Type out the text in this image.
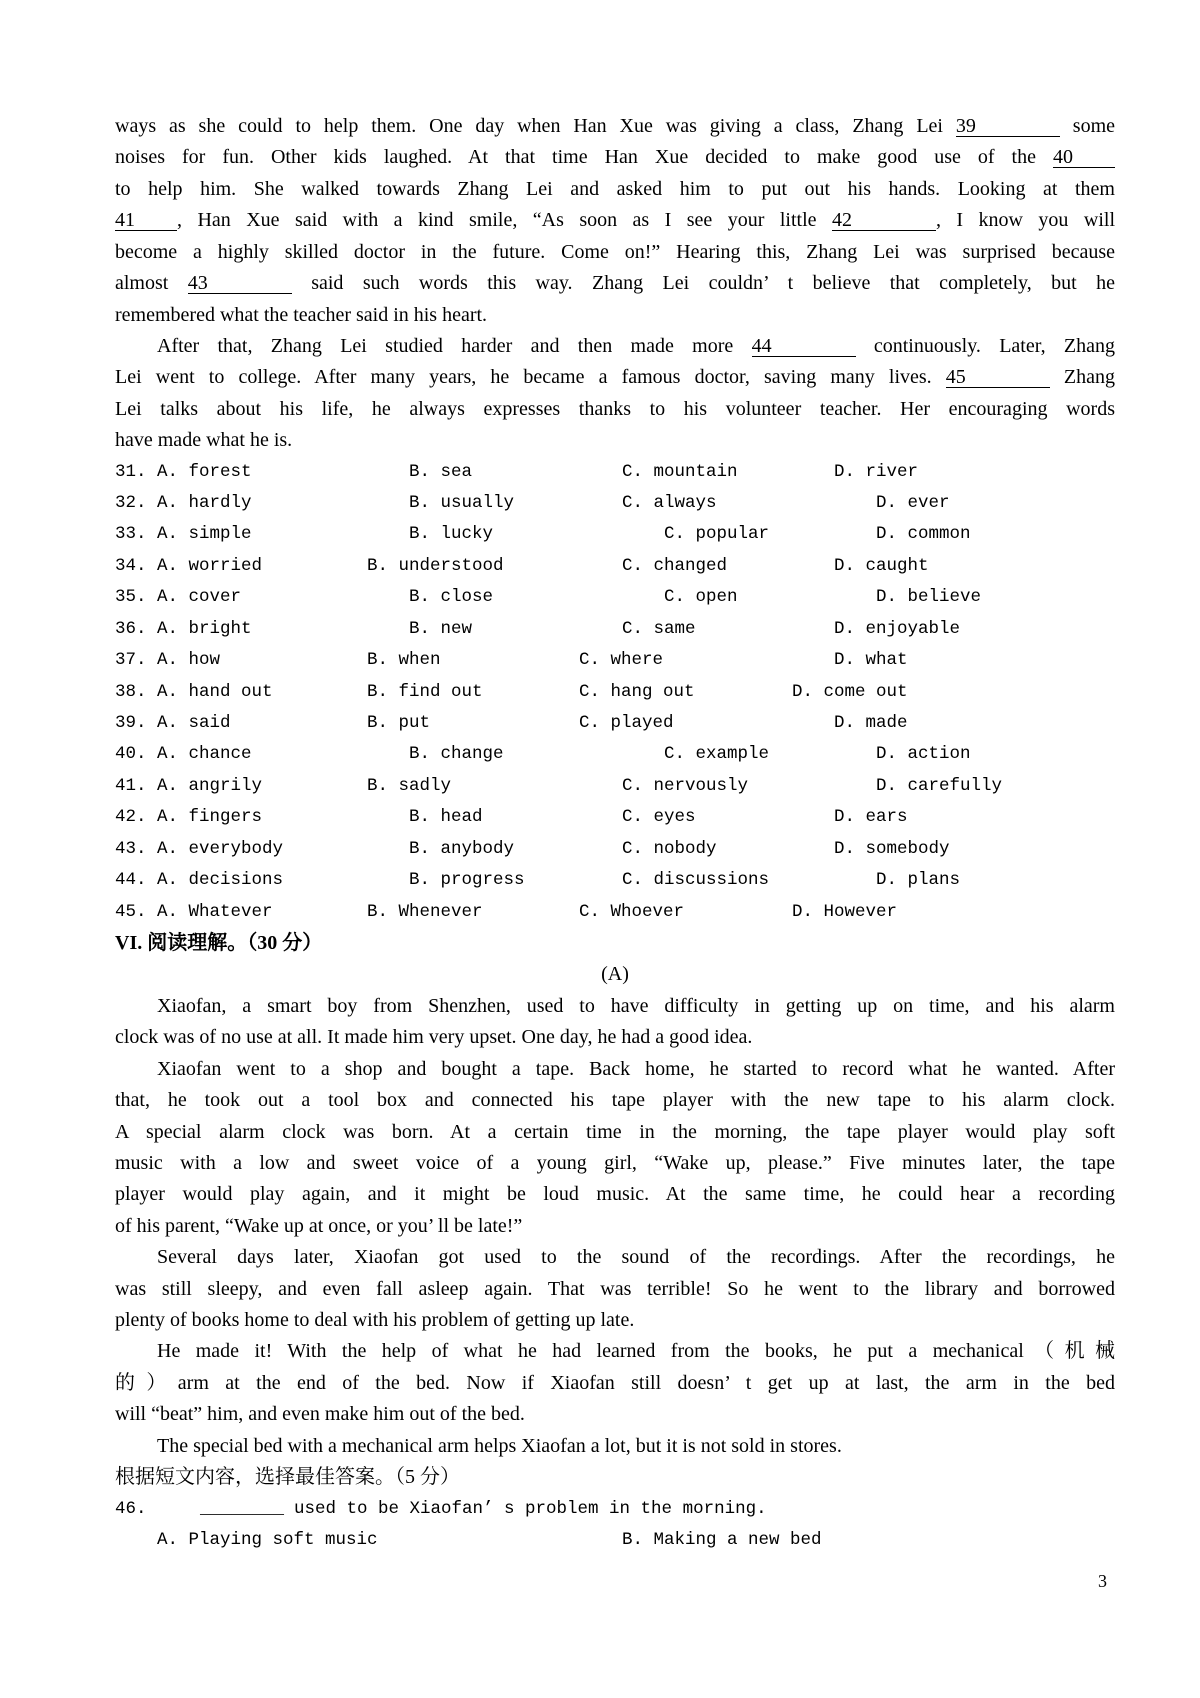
ways as she could to help them. One day when Han Xue was giving a class, Zhang Lei 39	some
noises for fun. Other kids laughed. At that time Han Xue decided to make good use of the 40
to help him. She walked towards Zhang Lei and asked him to put out his hands. Looking at them
41 , Han Xue said with a kind smile, “As soon as I see your little 42	, I know you will
become a highly skilled doctor in the future. Come on!” Hearing this, Zhang Lei was surprised because
almost 43	said such words this way. Zhang Lei couldn’ t believe that completely, but he
remembered what the teacher said in his heart.
After that, Zhang Lei studied harder and then made more 44	continuously. Later, Zhang
Lei went to college. After many years, he became a famous doctor, saving many lives. 45	Zhang
Lei talks about his life, he always expresses thanks to his volunteer teacher. Her encouraging words
have made what he is.
31. A. forest	B. sea	C. mountain	D. river
32. A. hardly	B. usually	C. always	D. ever
33. A. simple	B. lucky	C. popular	D. common
34. A. worried	B. understood	C. changed	D. caught
35. A. cover	B. close	C. open	D. believe
36. A. bright	B. new	C. same	D. enjoyable
37. A. how	B. when	C. where	D. what
38. A. hand out	B. find out	C. hang out	D. come out
39. A. said	B. put	C. played	D. made
40. A. chance	B. change	C. example	D. action
41. A. angrily	B. sadly	C. nervously	D. carefully
42. A. fingers	B. head	C. eyes	D. ears
43. A. everybody	B. anybody	C. nobody	D. somebody
44. A. decisions	B. progress	C. discussions	D. plans
45. A. Whatever	B. Whenever	C. Whoever	D. However
VI. 阅读理解。（30 分）
(A)
Xiaofan, a smart boy from Shenzhen, used to have difficulty in getting up on time, and his alarm
clock was of no use at all. It made him very upset. One day, he had a good idea.
Xiaofan went to a shop and bought a tape. Back home, he started to record what he wanted. After
that, he took out a tool box and connected his tape player with the new tape to his alarm clock.
A special alarm clock was born. At a certain time in the morning, the tape player would play soft
music with a low and sweet voice of a young girl, “Wake up, please.” Five minutes later, the tape
player would play again, and it might be loud music. At the same time, he could hear a recording
of his parent, “Wake up at once, or you’ ll be late!”
Several days later, Xiaofan got used to the sound of the recordings. After the recordings, he
was still sleepy, and even fall asleep again. That was terrible! So he went to the library and borrowed
plenty of books home to deal with his problem of getting up late.
He made it! With the help of what he had learned from the books, he put a mechanical（机械
的）arm at the end of the bed. Now if Xiaofan still doesn’ t get up at last, the arm in the bed
will “beat” him, and even make him out of the bed.
The special bed with a mechanical arm helps Xiaofan a lot, but it is not sold in stores.
根据短文内容，选择最佳答案。（5 分）
46.	________ used to be Xiaofan’ s problem in the morning.
A. Playing soft music	B. Making a new bed
3
